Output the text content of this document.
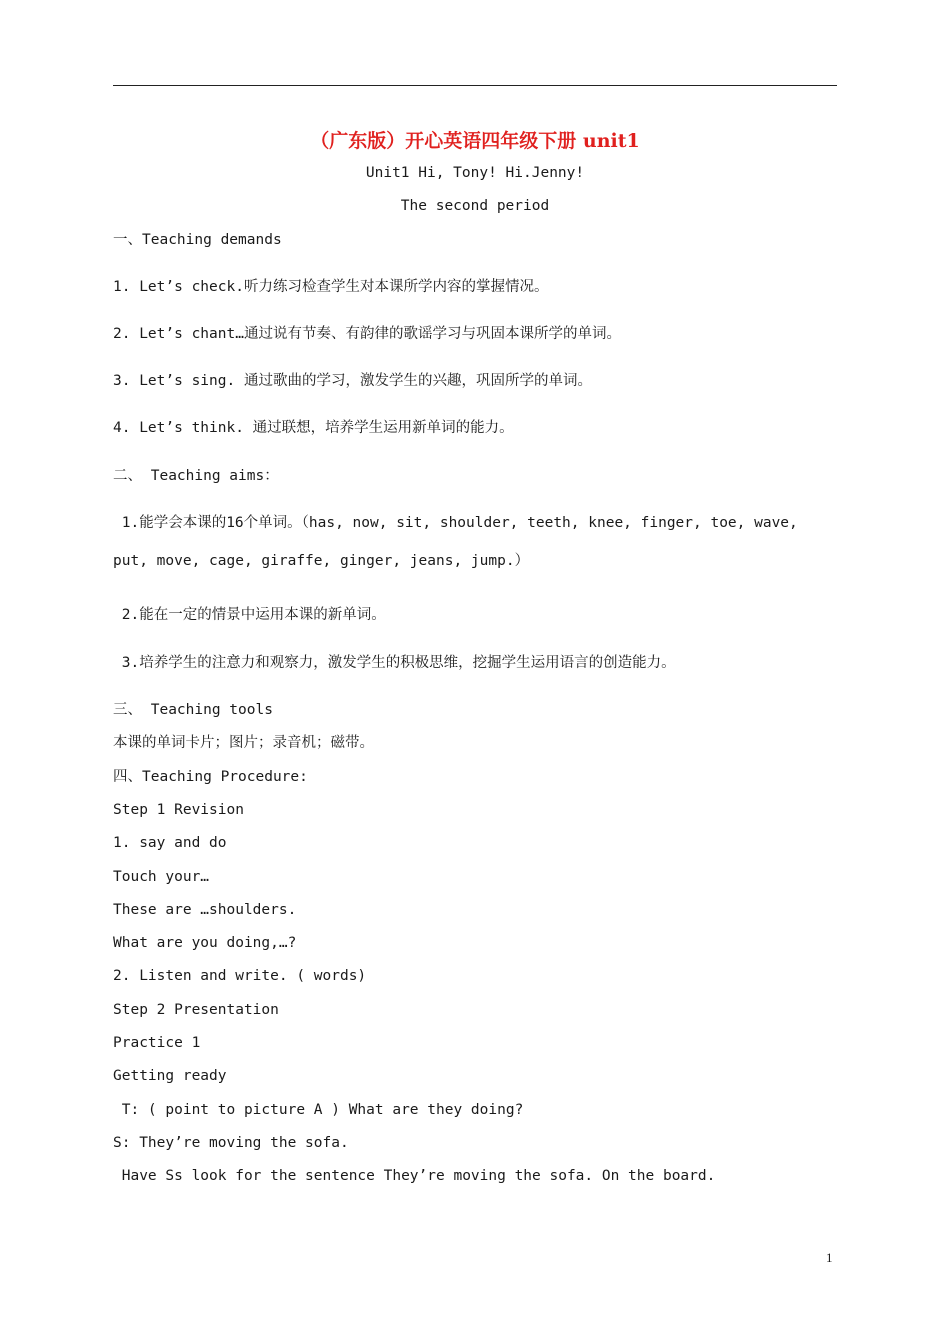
（广东版）开心英语四年级下册 unit1
Unit1 Hi, Tony! Hi.Jenny!
The second period
一、Teaching demands
1. Let’s check.听力练习检查学生对本课所学内容的掌握情况。
2. Let’s chant…通过说有节奏、有韵律的歌谣学习与巩固本课所学的单词。
3. Let’s sing. 通过歌曲的学习，激发学生的兴趣，巩固所学的单词。
4. Let’s think. 通过联想，培养学生运用新单词的能力。
二、 Teaching aims：
1.能学会本课的16个单词。（has, now, sit, shoulder, teeth, knee, finger, toe, wave,
put, move, cage, giraffe, ginger, jeans, jump.）
2.能在一定的情景中运用本课的新单词。
3.培养学生的注意力和观察力，激发学生的积极思维，挖掘学生运用语言的创造能力。
三、 Teaching tools
本课的单词卡片；图片；录音机；磁带。
四、Teaching Procedure:
Step 1 Revision
1. say and do
Touch your…
These are …shoulders.
What are you doing,…?
2. Listen and write. ( words)
Step 2 Presentation
Practice 1
Getting ready
T: ( point to picture A ) What are they doing?
S: They’re moving the sofa.
Have Ss look for the sentence They’re moving the sofa. On the board.
1
